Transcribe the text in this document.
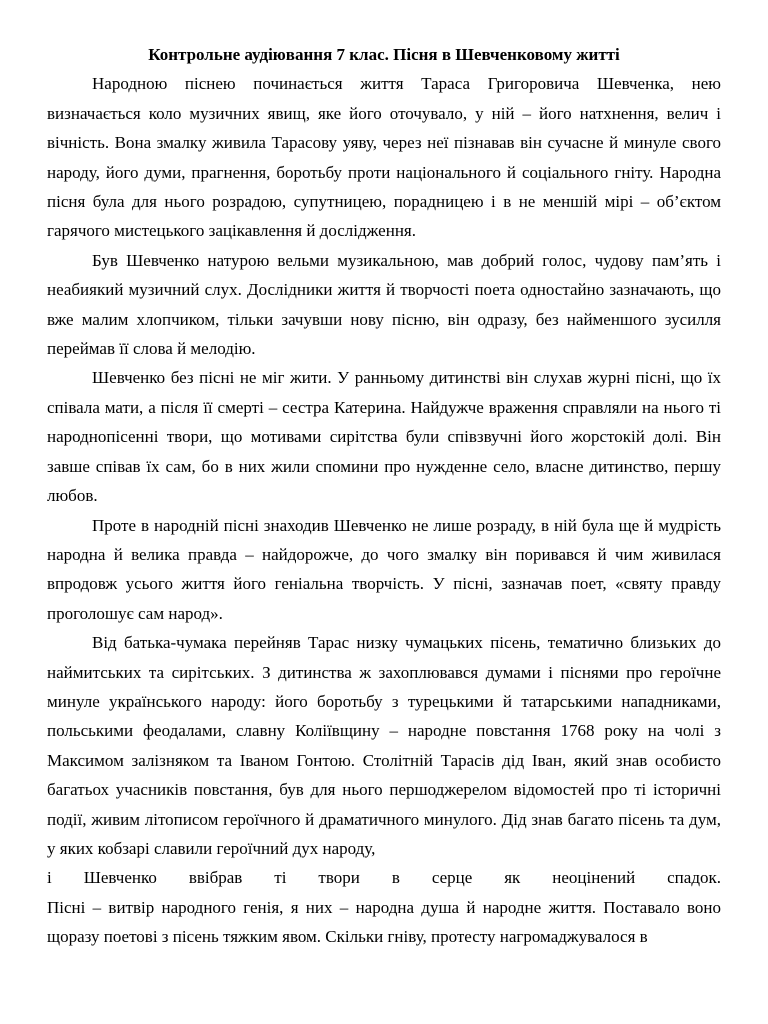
Контрольне аудіювання 7 клас. Пісня в Шевченковому житті

Народною піснею починається життя Тараса Григоровича Шевченка, нею визначається коло музичних явищ, яке його оточувало, у ній – його натхнення, велич і вічність. Вона змалку живила Тарасову уяву, через неї пізнавав він сучасне й минуле свого народу, його думи, прагнення, боротьбу проти національного й соціального гніту. Народна пісня була для нього розрадою, супутницею, порадницею і в не меншій мірі – об’єктом гарячого мистецького зацікавлення й дослідження.

Був Шевченко натурою вельми музикальною, мав добрий голос, чудову пам’ять і неабиякий музичний слух. Дослідники життя й творчості поета одностайно зазначають, що вже малим хлопчиком, тільки зачувши нову пісню, він одразу, без найменшого зусилля переймав її слова й мелодію.

Шевченко без пісні не міг жити. У ранньому дитинстві він слухав журні пісні, що їх співала мати, а після її смерті – сестра Катерина. Найдужче враження справляли на нього ті народнопісенні твори, що мотивами сирітства були співзвучні його жорстокій долі. Він завше співав їх сам, бо в них жили спомини про нужденне село, власне дитинство, першу любов.

Проте в народній пісні знаходив Шевченко не лише розраду, в ній була ще й мудрість народна й велика правда – найдорожче, до чого змалку він поривався й чим живилася впродовж усього життя його геніальна творчість. У пісні, зазначав поет, «святу правду проголошує сам народ».

Від батька-чумака перейняв Тарас низку чумацьких пісень, тематично близьких до наймитських та сирітських. З дитинства ж захоплювався думами і піснями про героїчне минуле українського народу: його боротьбу з турецькими й татарськими нападниками, польськими феодалами, славну Коліївщину – народне повстання 1768 року на чолі з Максимом залізняком та Іваном Гонтою. Столітній Тарасів дід Іван, який знав особисто багатьох учасників повстання, був для нього першоджерелом відомостей про ті історичні події, живим літописом героїчного й драматичного минулого. Дід знав багато пісень та дум, у яких кобзарі славили героїчний дух народу,

і Шевченко ввібрав ті твори в серце як неоцінений спадок.

Пісні – витвір народного генія, я них – народна душа й народне життя. Поставало воно щоразу поетові з пісень тяжким явом. Скільки гніву, протесту нагромаджувалося в
